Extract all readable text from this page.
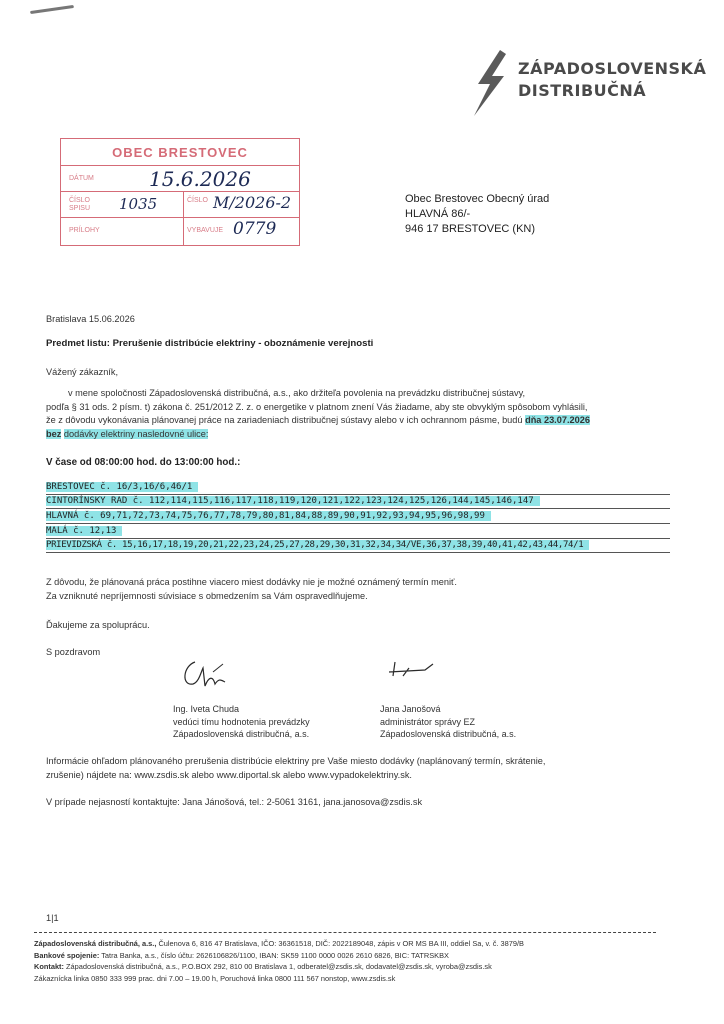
ZÁPADOSLOVENSKÁ
DISTRIBUČNÁ
OBEC BRESTOVEC
DÁTUM
ČÍSLO SPISU
ČÍSLO
PRÍLOHY	VYBAVUJE
15.6.2026
1035	M/2026-2
0779
Obec Brestovec Obecný úrad
HLAVNÁ 86/-
946 17 BRESTOVEC (KN)
Bratislava 15.06.2026
Predmet listu: Prerušenie distribúcie elektriny - oboznámenie verejnosti
Vážený zákazník,
v mene spoločnosti Západoslovenská distribučná, a.s., ako držiteľa povolenia na prevádzku distribučnej sústavy,
podľa § 31 ods. 2 písm. t) zákona č. 251/2012 Z. z. o energetike v platnom znení Vás žiadame, aby ste obvyklým spôsobom vyhlásili,
že z dôvodu vykonávania plánovanej práce na zariadeniach distribučnej sústavy alebo v ich ochrannom pásme, budú dňa 23.07.2026
bez dodávky elektriny nasledovné ulice:
V čase od 08:00:00 hod. do 13:00:00 hod.:
BRESTOVEC č. 16/3,16/6,46/1
CINTORÍNSKY RAD č. 112,114,115,116,117,118,119,120,121,122,123,124,125,126,144,145,146,147
HLAVNÁ č. 69,71,72,73,74,75,76,77,78,79,80,81,84,88,89,90,91,92,93,94,95,96,98,99
MALÁ č. 12,13
PRIEVIDZSKÁ č. 15,16,17,18,19,20,21,22,23,24,25,27,28,29,30,31,32,34,34/VE,36,37,38,39,40,41,42,43,44,74/1
Z dôvodu, že plánovaná práca postihne viacero miest dodávky nie je možné oznámený termín meniť.
Za vzniknuté nepríjemnosti súvisiace s obmedzením sa Vám ospravedlňujeme.
Ďakujeme za spoluprácu.
S pozdravom
Ing. Iveta Chuda
vedúci tímu hodnotenia prevádzky
Západoslovenská distribučná, a.s.
Jana Janošová
administrátor správy EZ
Západoslovenská distribučná, a.s.
Informácie ohľadom plánovaného prerušenia distribúcie elektriny pre Vaše miesto dodávky (naplánovaný termín, skrátenie,
zrušenie) nájdete na: www.zsdis.sk alebo www.diportal.sk alebo www.vypadokelektriny.sk.
V prípade nejasností kontaktujte: Jana Jánošová, tel.: 2-5061 3161, jana.janosova@zsdis.sk
1|1
Západoslovenská distribučná, a.s., Čulenova 6, 816 47 Bratislava, IČO: 36361518, DIČ: 2022189048, zápis v OR MS BA III, oddiel Sa, v. č. 3879/B
Bankové spojenie: Tatra Banka, a.s., číslo účtu: 2626106826/1100, IBAN: SK59 1100 0000 0026 2610 6826, BIC: TATRSKBX
Kontakt: Západoslovenská distribučná, a.s., P.O.BOX 292, 810 00 Bratislava 1, odberatel@zsdis.sk, dodavatel@zsdis.sk, vyroba@zsdis.sk
Zákaznícka linka 0850 333 999 prac. dni 7.00 – 19.00 h, Poruchová linka 0800 111 567 nonstop, www.zsdis.sk
